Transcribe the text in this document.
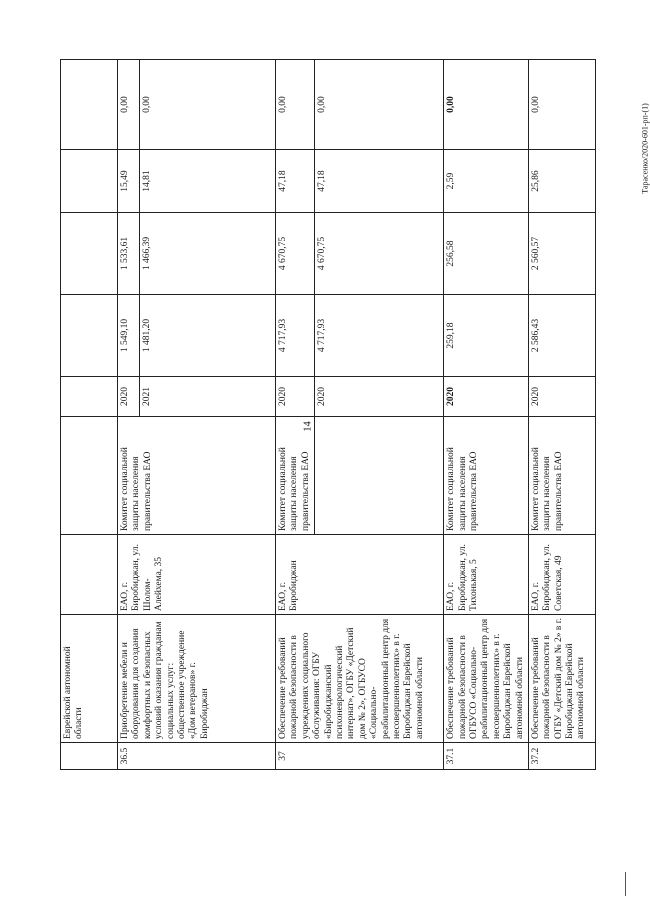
14
Тарасенко/2020-601-рп-(1)
	Еврейской автономной области							
36.5	Приобретение мебели и оборудования для создания комфортных и безопасных условий оказания гражданам социальных услуг: общественное учреждение «Дом ветеранов» г. Биробиджан	ЕАО, г. Биробиджан, ул. Шолом-Алейхема, 35	Комитет социальной защиты населения правительства ЕАО	2020	1 549,10	1 533,61	15,49	0,00
				2021	1 481,20	1 466,39	14,81	0,00
37	Обеспечение требований пожарной безопасности в учреждениях социального обслуживания: ОГБУ «Биробиджанский психоневрологический интернат», ОГБУ «Детский дом № 2», ОГБУСО «Социально-реабилитационный центр для несовершеннолетних» в г. Биробиджан Еврейской автономной области	ЕАО, г. Биробиджан	Комитет социальной защиты населения правительства ЕАО	2020	4 717,93	4 670,75	47,18	0,00
				2020	4 717,93	4 670,75	47,18	0,00
37.1	Обеспечение требований пожарной безопасности в ОГБУСО «Социально-реабилитационный центр для несовершеннолетних» в г. Биробиджан Еврейской автономной области	ЕАО, г. Биробиджан, ул. Тихонькая, 5	Комитет социальной защиты населения правительства ЕАО	2020	259,18	256,58	2,59	0,00
37.2	Обеспечение требований пожарной безопасности в ОГБУ «Детский дом № 2» в г. Биробиджан Еврейской автономной области	ЕАО, г. Биробиджан, ул. Советская, 49	Комитет социальной защиты населения правительства ЕАО	2020	2 586,43	2 560,57	25,86	0,00
